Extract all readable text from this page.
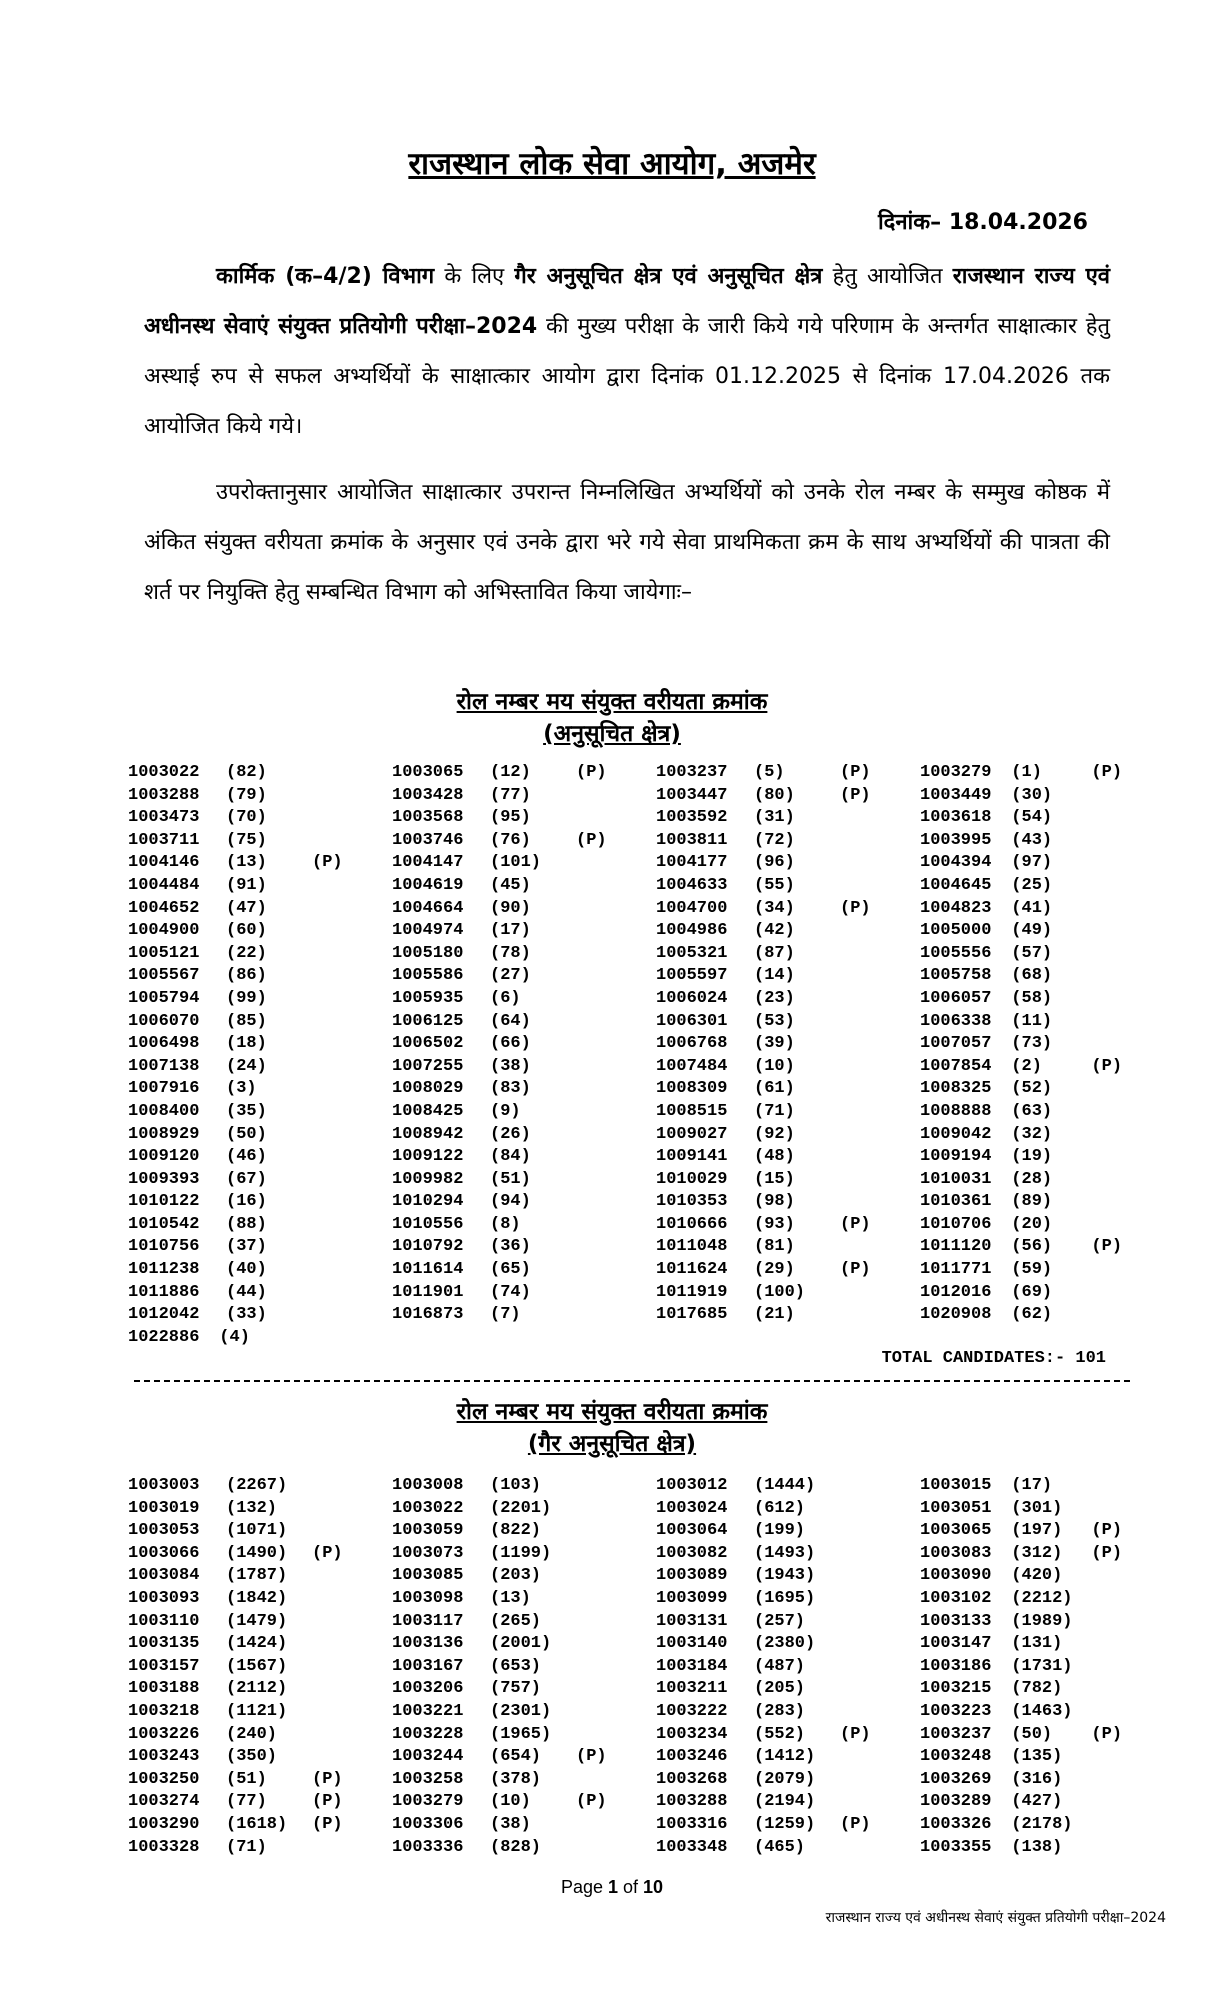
राजस्थान लोक सेवा आयोग, अजमेर
दिनांक– 18.04.2026
कार्मिक (क–4/2) विभाग के लिए गैर अनुसूचित क्षेत्र एवं अनुसूचित क्षेत्र हेतु आयोजित राजस्थान राज्य एवं अधीनस्थ सेवाएं संयुक्त प्रतियोगी परीक्षा–2024 की मुख्य परीक्षा के जारी किये गये परिणाम के अन्तर्गत साक्षात्कार हेतु अस्थाई रुप से सफल अभ्यर्थियों के साक्षात्कार आयोग द्वारा दिनांक 01.12.2025 से दिनांक 17.04.2026 तक आयोजित किये गये।
उपरोक्तानुसार आयोजित साक्षात्कार उपरान्त निम्नलिखित अभ्यर्थियों को उनके रोल नम्बर के सम्मुख कोष्ठक में अंकित संयुक्त वरीयता क्रमांक के अनुसार एवं उनके द्वारा भरे गये सेवा प्राथमिकता क्रम के साथ अभ्यर्थियों की पात्रता की शर्त पर नियुक्ति हेतु सम्बन्धित विभाग को अभिस्तावित किया जायेगाः–
रोल नम्बर मय संयुक्त वरीयता क्रमांक
(अनुसूचित क्षेत्र)
1003022	(82)	1003065	(12)	(P)	1003237	(5)	(P)	1003279	(1)	(P)
1003288	(79)	1003428	(77)	1003447	(80)	(P)	1003449	(30)
1003473	(70)	1003568	(95)	1003592	(31)	1003618	(54)
1003711	(75)	1003746	(76)	(P)	1003811	(72)	1003995	(43)
1004146	(13)	(P)	1004147	(101)	1004177	(96)	1004394	(97)
1004484	(91)	1004619	(45)	1004633	(55)	1004645	(25)
1004652	(47)	1004664	(90)	1004700	(34)	(P)	1004823	(41)
1004900	(60)	1004974	(17)	1004986	(42)	1005000	(49)
1005121	(22)	1005180	(78)	1005321	(87)	1005556	(57)
1005567	(86)	1005586	(27)	1005597	(14)	1005758	(68)
1005794	(99)	1005935	(6)	1006024	(23)	1006057	(58)
1006070	(85)	1006125	(64)	1006301	(53)	1006338	(11)
1006498	(18)	1006502	(66)	1006768	(39)	1007057	(73)
1007138	(24)	1007255	(38)	1007484	(10)	1007854	(2)	(P)
1007916	(3)	1008029	(83)	1008309	(61)	1008325	(52)
1008400	(35)	1008425	(9)	1008515	(71)	1008888	(63)
1008929	(50)	1008942	(26)	1009027	(92)	1009042	(32)
1009120	(46)	1009122	(84)	1009141	(48)	1009194	(19)
1009393	(67)	1009982	(51)	1010029	(15)	1010031	(28)
1010122	(16)	1010294	(94)	1010353	(98)	1010361	(89)
1010542	(88)	1010556	(8)	1010666	(93)	(P)	1010706	(20)
1010756	(37)	1010792	(36)	1011048	(81)	1011120	(56)	(P)
1011238	(40)	1011614	(65)	1011624	(29)	(P)	1011771	(59)
1011886	(44)	1011901	(74)	1011919	(100)	1012016	(69)
1012042	(33)	1016873	(7)	1017685	(21)	1020908	(62)
1022886	(4)
TOTAL CANDIDATES:- 101
रोल नम्बर मय संयुक्त वरीयता क्रमांक
(गैर अनुसूचित क्षेत्र)
1003003	(2267)	1003008	(103)	1003012	(1444)	1003015	(17)
1003019	(132)	1003022	(2201)	1003024	(612)	1003051	(301)
1003053	(1071)	1003059	(822)	1003064	(199)	1003065	(197)	(P)
1003066	(1490)	(P)	1003073	(1199)	1003082	(1493)	1003083	(312)	(P)
1003084	(1787)	1003085	(203)	1003089	(1943)	1003090	(420)
1003093	(1842)	1003098	(13)	1003099	(1695)	1003102	(2212)
1003110	(1479)	1003117	(265)	1003131	(257)	1003133	(1989)
1003135	(1424)	1003136	(2001)	1003140	(2380)	1003147	(131)
1003157	(1567)	1003167	(653)	1003184	(487)	1003186	(1731)
1003188	(2112)	1003206	(757)	1003211	(205)	1003215	(782)
1003218	(1121)	1003221	(2301)	1003222	(283)	1003223	(1463)
1003226	(240)	1003228	(1965)	1003234	(552)	(P)	1003237	(50)	(P)
1003243	(350)	1003244	(654)	(P)	1003246	(1412)	1003248	(135)
1003250	(51)	(P)	1003258	(378)	1003268	(2079)	1003269	(316)
1003274	(77)	(P)	1003279	(10)	(P)	1003288	(2194)	1003289	(427)
1003290	(1618)	(P)	1003306	(38)	1003316	(1259)	(P)	1003326	(2178)
1003328	(71)	1003336	(828)	1003348	(465)	1003355	(138)
Page 1 of 10
राजस्थान राज्य एवं अधीनस्थ सेवाएं संयुक्त प्रतियोगी परीक्षा–2024
